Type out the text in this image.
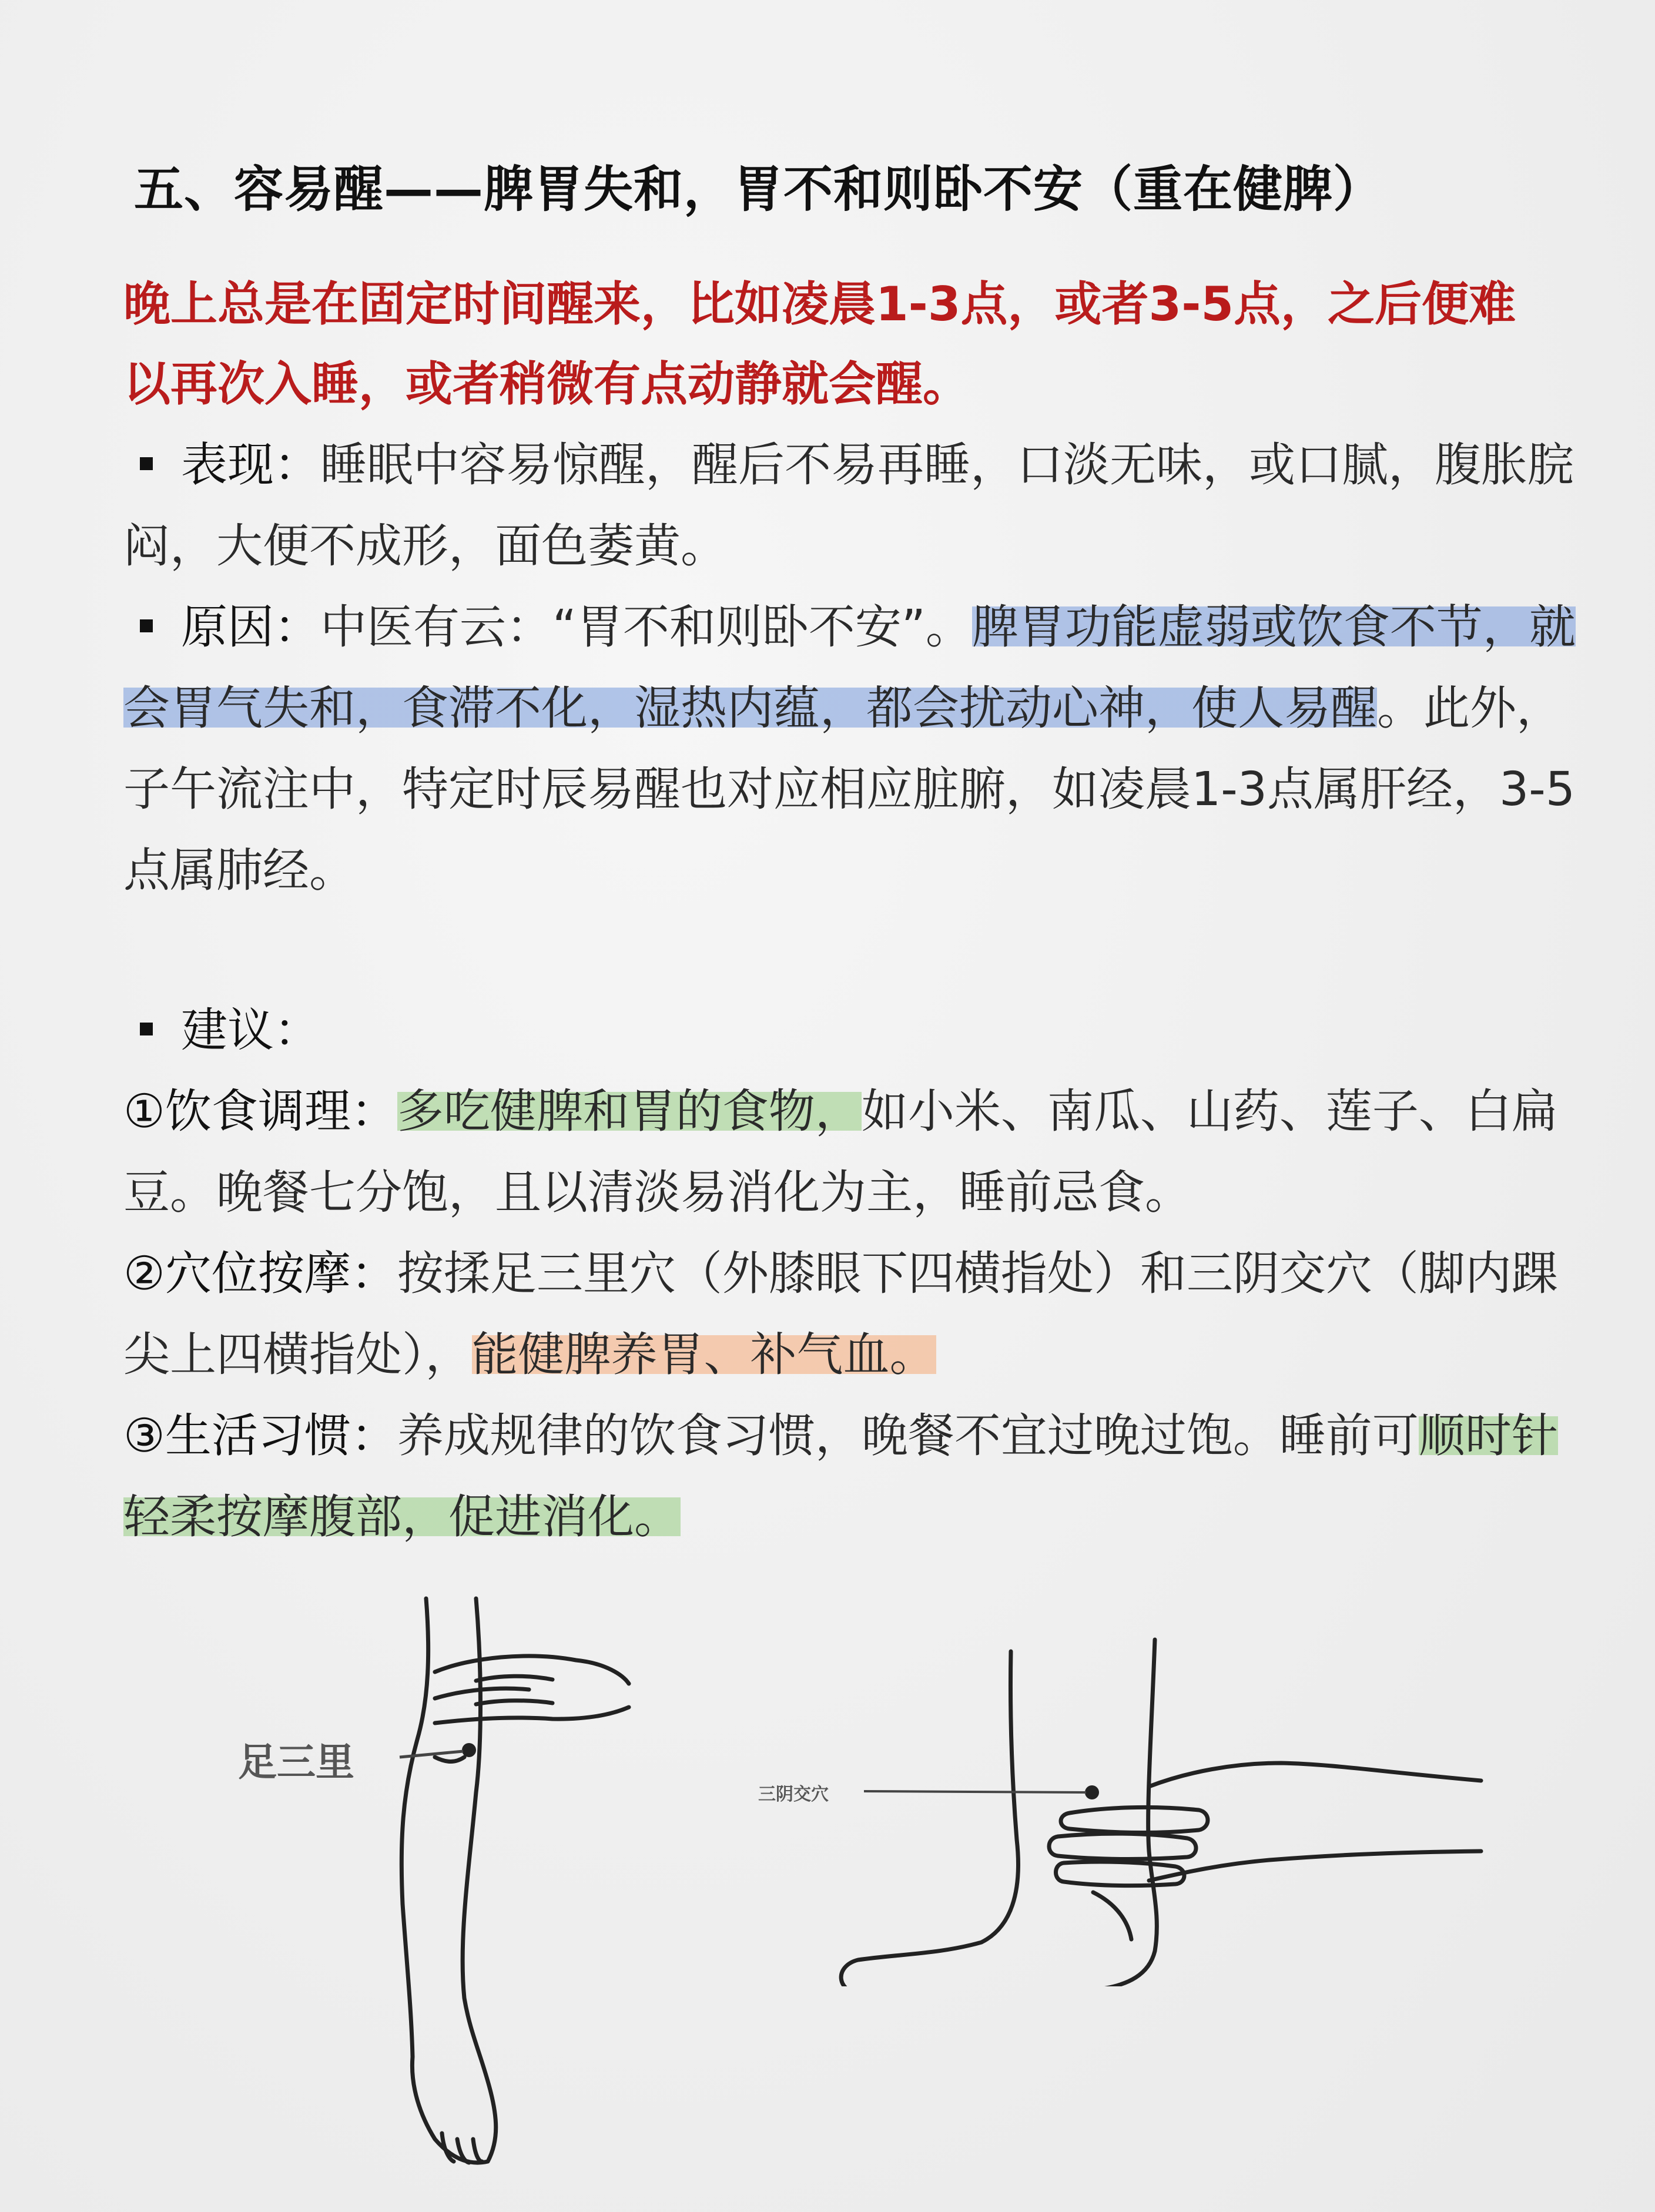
五、容易醒——脾胃失和，胃不和则卧不安（重在健脾）
晚上总是在固定时间醒来，比如凌晨1-3点，或者3-5点，之后便难以再次入睡，或者稍微有点动静就会醒。
表现：睡眠中容易惊醒，醒后不易再睡，口淡无味，或口腻，腹胀脘闷，大便不成形，面色萎黄。
原因：中医有云：“胃不和则卧不安”。脾胃功能虚弱或饮食不节，就会胃气失和，食滞不化，湿热内蕴，都会扰动心神，使人易醒。此外，子午流注中，特定时辰易醒也对应相应脏腑，如凌晨1-3点属肝经，3-5点属肺经。
建议：
①饮食调理：多吃健脾和胃的食物，如小米、南瓜、山药、莲子、白扁豆。晚餐七分饱，且以清淡易消化为主，睡前忌食。
②穴位按摩：按揉足三里穴（外膝眼下四横指处）和三阴交穴（脚内踝尖上四横指处），能健脾养胃、补气血。
③生活习惯：养成规律的饮食习惯，晚餐不宜过晚过饱。睡前可顺时针轻柔按摩腹部，促进消化。
足三里
三阴交穴
